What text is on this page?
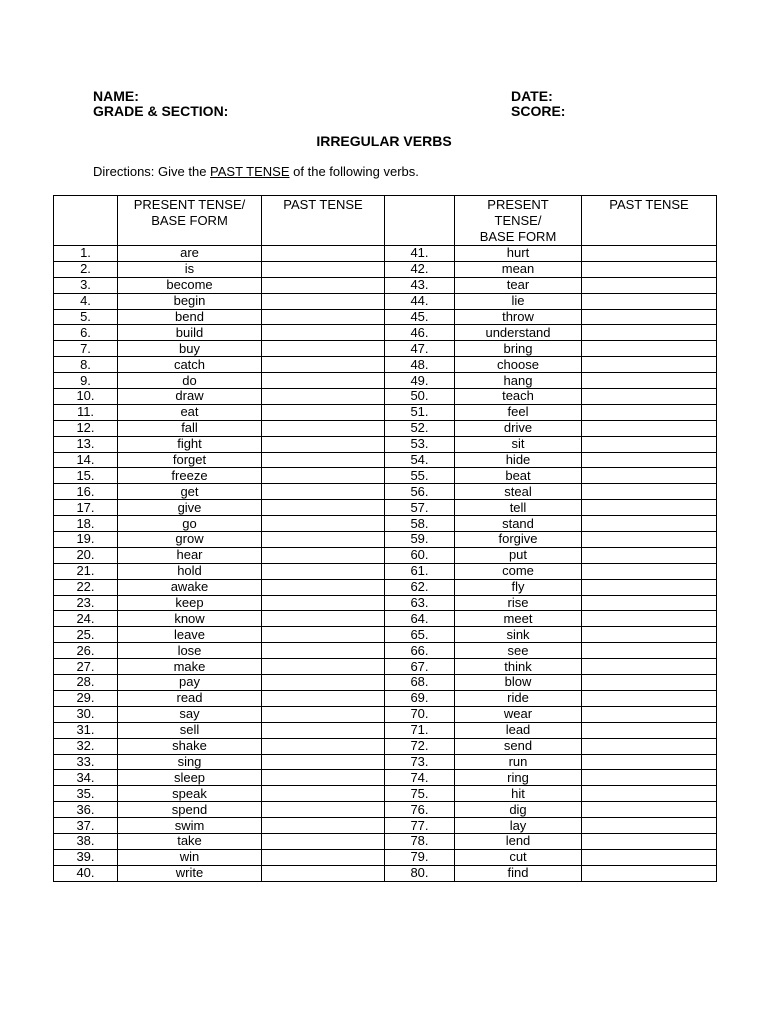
NAME:
GRADE & SECTION:
DATE:
SCORE:
IRREGULAR VERBS
Directions: Give the PAST TENSE of the following verbs.
	PRESENT TENSE/ BASE FORM	PAST TENSE		PRESENT
TENSE/
BASE FORM	PAST TENSE
1.	are		41.	hurt	
2.	is		42.	mean	
3.	become		43.	tear	
4.	begin		44.	lie	
5.	bend		45.	throw	
6.	build		46.	understand	
7.	buy		47.	bring	
8.	catch		48.	choose	
9.	do		49.	hang	
10.	draw		50.	teach	
11.	eat		51.	feel	
12.	fall		52.	drive	
13.	fight		53.	sit	
14.	forget		54.	hide	
15.	freeze		55.	beat	
16.	get		56.	steal	
17.	give		57.	tell	
18.	go		58.	stand	
19.	grow		59.	forgive	
20.	hear		60.	put	
21.	hold		61.	come	
22.	awake		62.	fly	
23.	keep		63.	rise	
24.	know		64.	meet	
25.	leave		65.	sink	
26.	lose		66.	see	
27.	make		67.	think	
28.	pay		68.	blow	
29.	read		69.	ride	
30.	say		70.	wear	
31.	sell		71.	lead	
32.	shake		72.	send	
33.	sing		73.	run	
34.	sleep		74.	ring	
35.	speak		75.	hit	
36.	spend		76.	dig	
37.	swim		77.	lay	
38.	take		78.	lend	
39.	win		79.	cut	
40.	write		80.	find	
